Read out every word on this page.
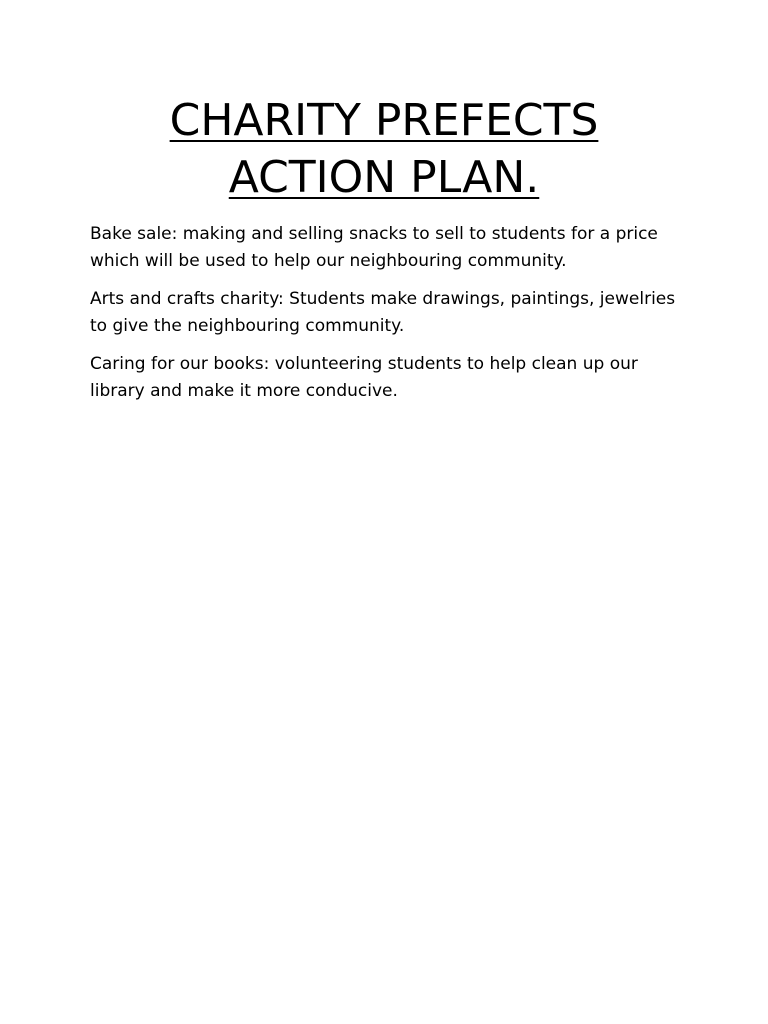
CHARITY PREFECTS
ACTION PLAN.

Bake sale: making and selling snacks to sell to students for a price which will be used to help our neighbouring community.

Arts and crafts charity: Students make drawings, paintings, jewelries to give the neighbouring community.

Caring for our books: volunteering students to help clean up our library and make it more conducive.
